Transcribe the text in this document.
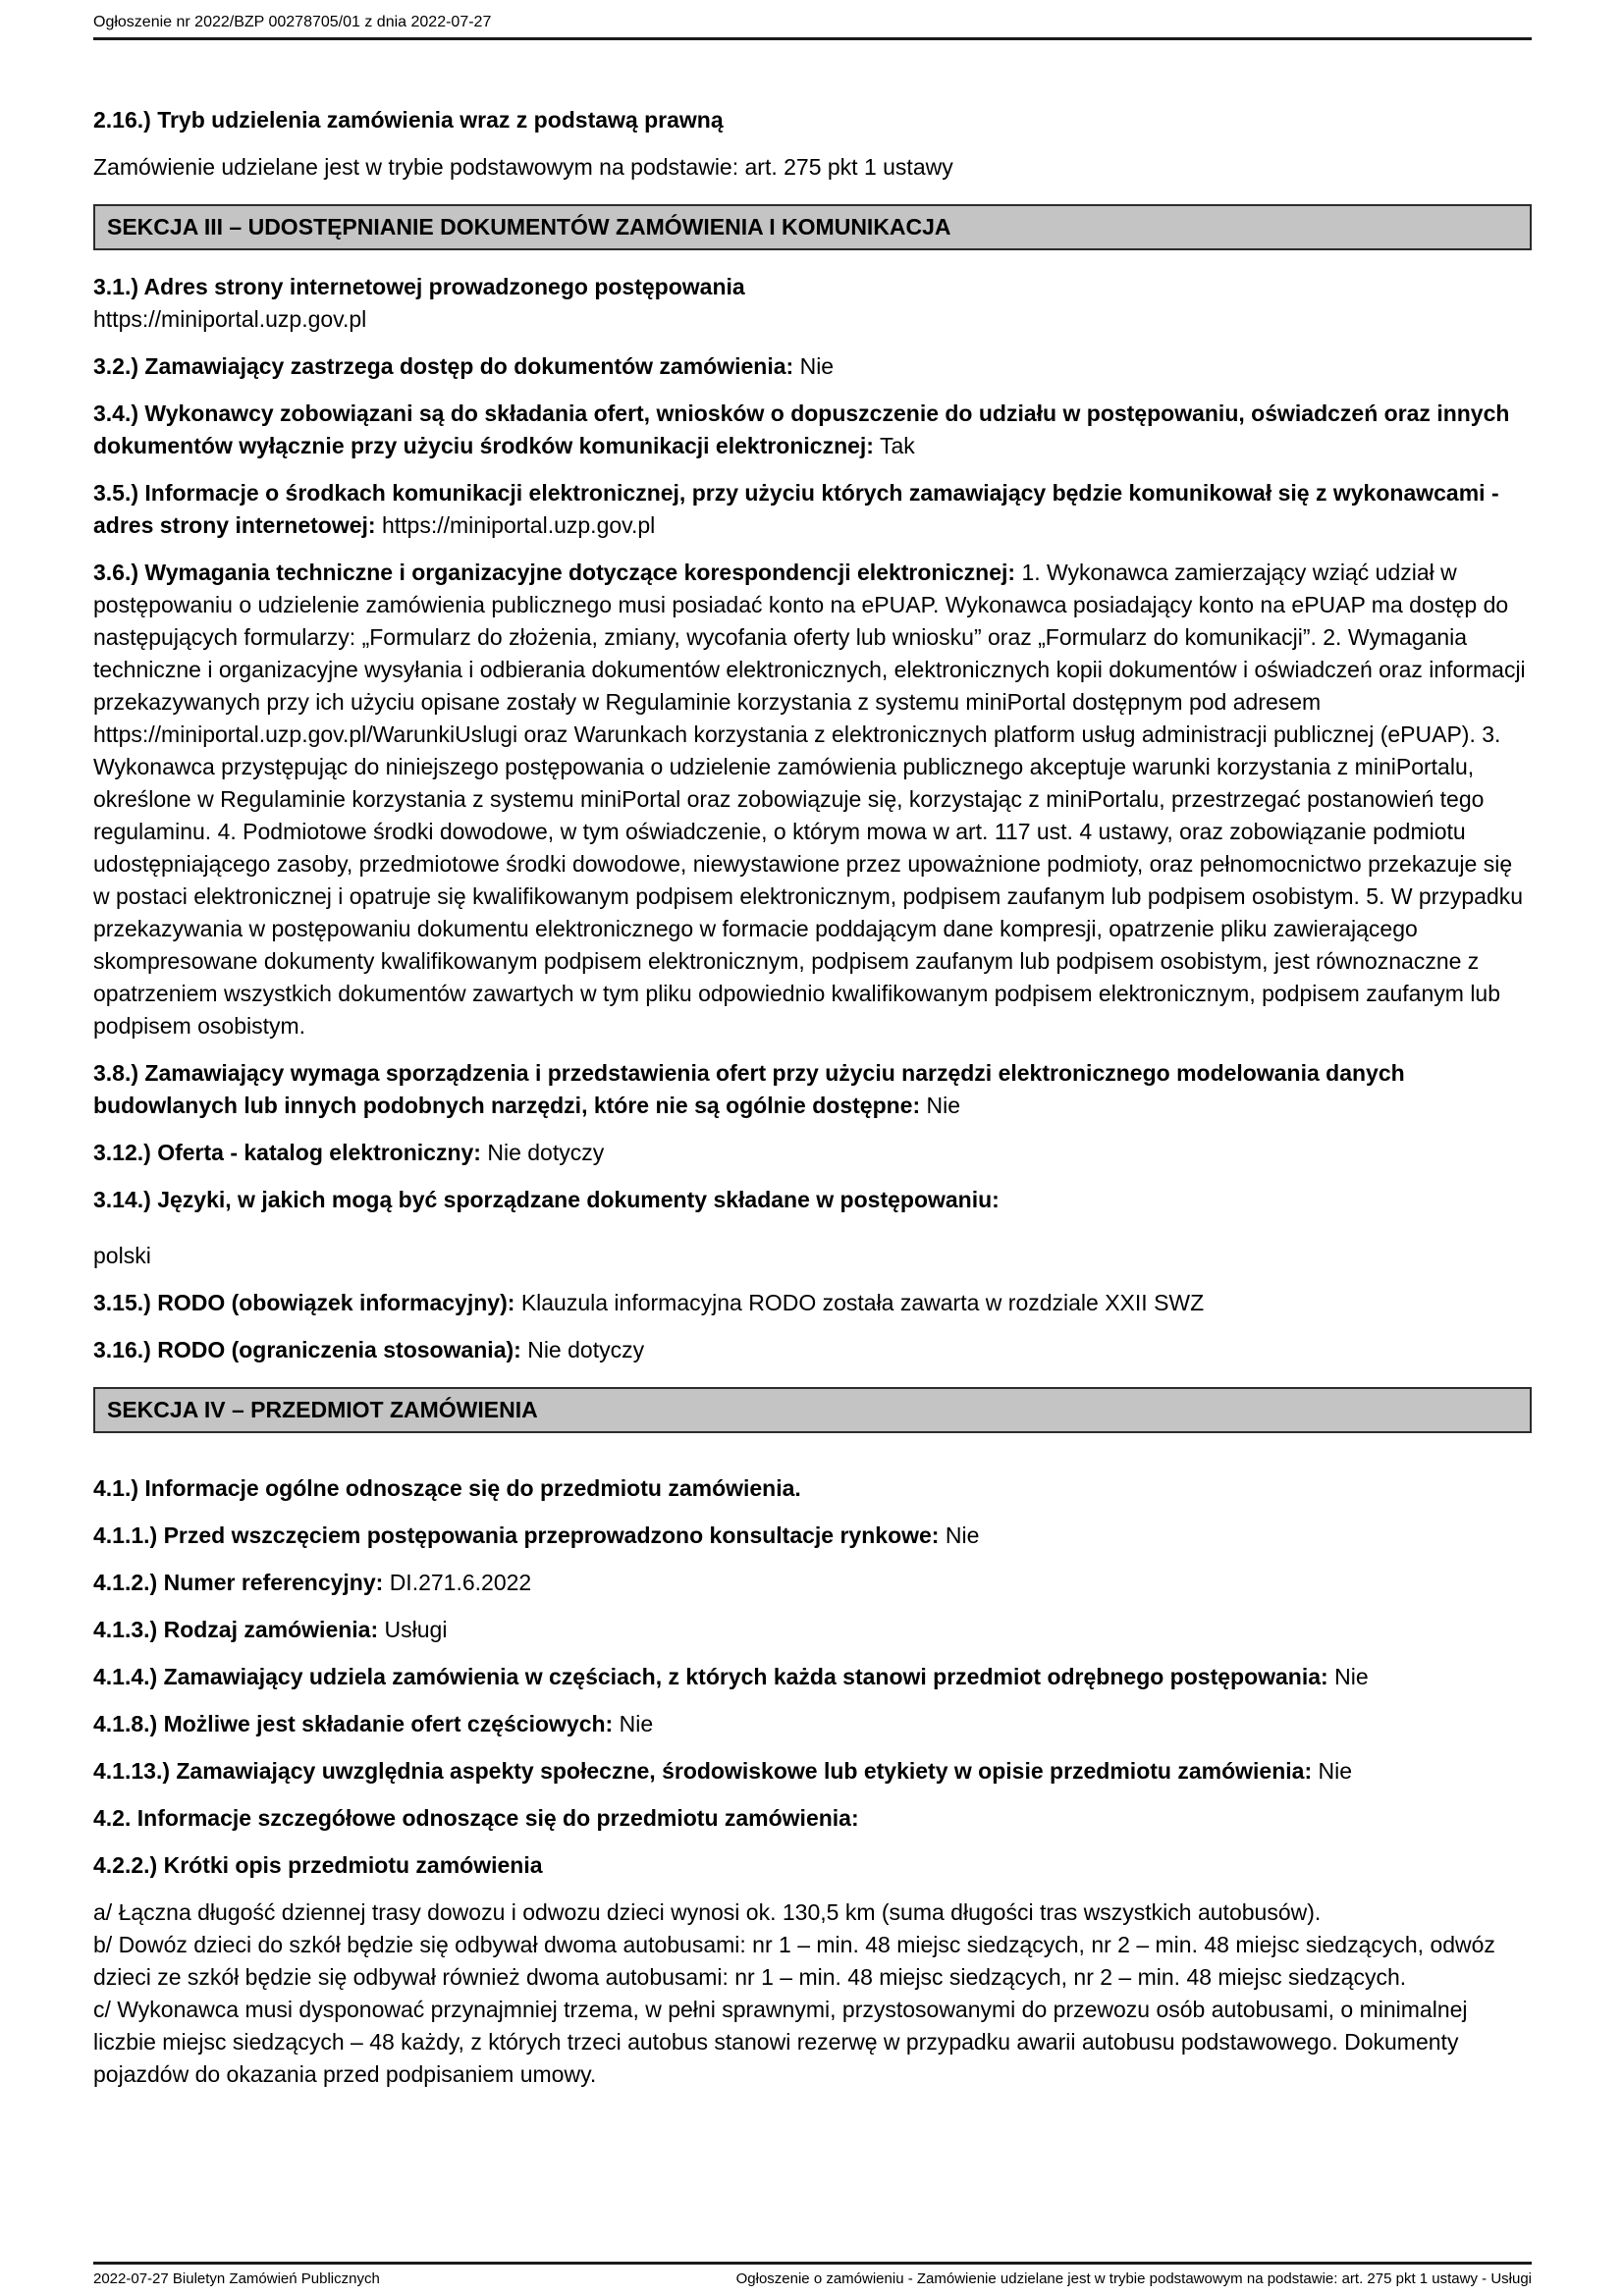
Ogłoszenie nr 2022/BZP 00278705/01 z dnia 2022-07-27

2.16.) Tryb udzielenia zamówienia wraz z podstawą prawną

Zamówienie udzielane jest w trybie podstawowym na podstawie: art. 275 pkt 1 ustawy

SEKCJA III – UDOSTĘPNIANIE DOKUMENTÓW ZAMÓWIENIA I KOMUNIKACJA

3.1.) Adres strony internetowej prowadzonego postępowania
https://miniportal.uzp.gov.pl

3.2.) Zamawiający zastrzega dostęp do dokumentów zamówienia: Nie

3.4.) Wykonawcy zobowiązani są do składania ofert, wniosków o dopuszczenie do udziału w postępowaniu, oświadczeń oraz innych dokumentów wyłącznie przy użyciu środków komunikacji elektronicznej: Tak

3.5.) Informacje o środkach komunikacji elektronicznej, przy użyciu których zamawiający będzie komunikował się z wykonawcami - adres strony internetowej: https://miniportal.uzp.gov.pl

3.6.) Wymagania techniczne i organizacyjne dotyczące korespondencji elektronicznej: 1. Wykonawca zamierzający wziąć udział w postępowaniu o udzielenie zamówienia publicznego musi posiadać konto na ePUAP. Wykonawca posiadający konto na ePUAP ma dostęp do następujących formularzy: „Formularz do złożenia, zmiany, wycofania oferty lub wniosku” oraz „Formularz do komunikacji”. 2. Wymagania techniczne i organizacyjne wysyłania i odbierania dokumentów elektronicznych, elektronicznych kopii dokumentów i oświadczeń oraz informacji przekazywanych przy ich użyciu opisane zostały w Regulaminie korzystania z systemu miniPortal dostępnym pod adresem https://miniportal.uzp.gov.pl/WarunkiUslugi oraz Warunkach korzystania z elektronicznych platform usług administracji publicznej (ePUAP). 3. Wykonawca przystępując do niniejszego postępowania o udzielenie zamówienia publicznego akceptuje warunki korzystania z miniPortalu, określone w Regulaminie korzystania z systemu miniPortal oraz zobowiązuje się, korzystając z miniPortalu, przestrzegać postanowień tego regulaminu. 4. Podmiotowe środki dowodowe, w tym oświadczenie, o którym mowa w art. 117 ust. 4 ustawy, oraz zobowiązanie podmiotu udostępniającego zasoby, przedmiotowe środki dowodowe, niewystawione przez upoważnione podmioty, oraz pełnomocnictwo przekazuje się w postaci elektronicznej i opatruje się kwalifikowanym podpisem elektronicznym, podpisem zaufanym lub podpisem osobistym. 5. W przypadku przekazywania w postępowaniu dokumentu elektronicznego w formacie poddającym dane kompresji, opatrzenie pliku zawierającego skompresowane dokumenty kwalifikowanym podpisem elektronicznym, podpisem zaufanym lub podpisem osobistym, jest równoznaczne z opatrzeniem wszystkich dokumentów zawartych w tym pliku odpowiednio kwalifikowanym podpisem elektronicznym, podpisem zaufanym lub podpisem osobistym.

3.8.) Zamawiający wymaga sporządzenia i przedstawienia ofert przy użyciu narzędzi elektronicznego modelowania danych budowlanych lub innych podobnych narzędzi, które nie są ogólnie dostępne: Nie

3.12.) Oferta - katalog elektroniczny: Nie dotyczy

3.14.) Języki, w jakich mogą być sporządzane dokumenty składane w postępowaniu:

polski

3.15.) RODO (obowiązek informacyjny): Klauzula informacyjna RODO została zawarta w rozdziale XXII SWZ

3.16.) RODO (ograniczenia stosowania): Nie dotyczy

SEKCJA IV – PRZEDMIOT ZAMÓWIENIA

4.1.) Informacje ogólne odnoszące się do przedmiotu zamówienia.

4.1.1.) Przed wszczęciem postępowania przeprowadzono konsultacje rynkowe: Nie

4.1.2.) Numer referencyjny: DI.271.6.2022

4.1.3.) Rodzaj zamówienia: Usługi

4.1.4.) Zamawiający udziela zamówienia w częściach, z których każda stanowi przedmiot odrębnego postępowania: Nie

4.1.8.) Możliwe jest składanie ofert częściowych: Nie

4.1.13.) Zamawiający uwzględnia aspekty społeczne, środowiskowe lub etykiety w opisie przedmiotu zamówienia: Nie

4.2. Informacje szczegółowe odnoszące się do przedmiotu zamówienia:

4.2.2.) Krótki opis przedmiotu zamówienia

a/ Łączna długość dziennej trasy dowozu i odwozu dzieci wynosi ok. 130,5 km (suma długości tras wszystkich autobusów).
b/ Dowóz dzieci do szkół będzie się odbywał dwoma autobusami: nr 1 – min. 48 miejsc siedzących, nr 2 – min. 48 miejsc siedzących, odwóz dzieci ze szkół będzie się odbywał również dwoma autobusami: nr 1 – min. 48 miejsc siedzących, nr 2 – min. 48 miejsc siedzących.
c/ Wykonawca musi dysponować przynajmniej trzema, w pełni sprawnymi, przystosowanymi do przewozu osób autobusami, o minimalnej liczbie miejsc siedzących – 48 każdy, z których trzeci autobus stanowi rezerwę w przypadku awarii autobusu podstawowego. Dokumenty pojazdów do okazania przed podpisaniem umowy.

2022-07-27 Biuletyn Zamówień Publicznych	Ogłoszenie o zamówieniu - Zamówienie udzielane jest w trybie podstawowym na podstawie: art. 275 pkt 1 ustawy - Usługi
